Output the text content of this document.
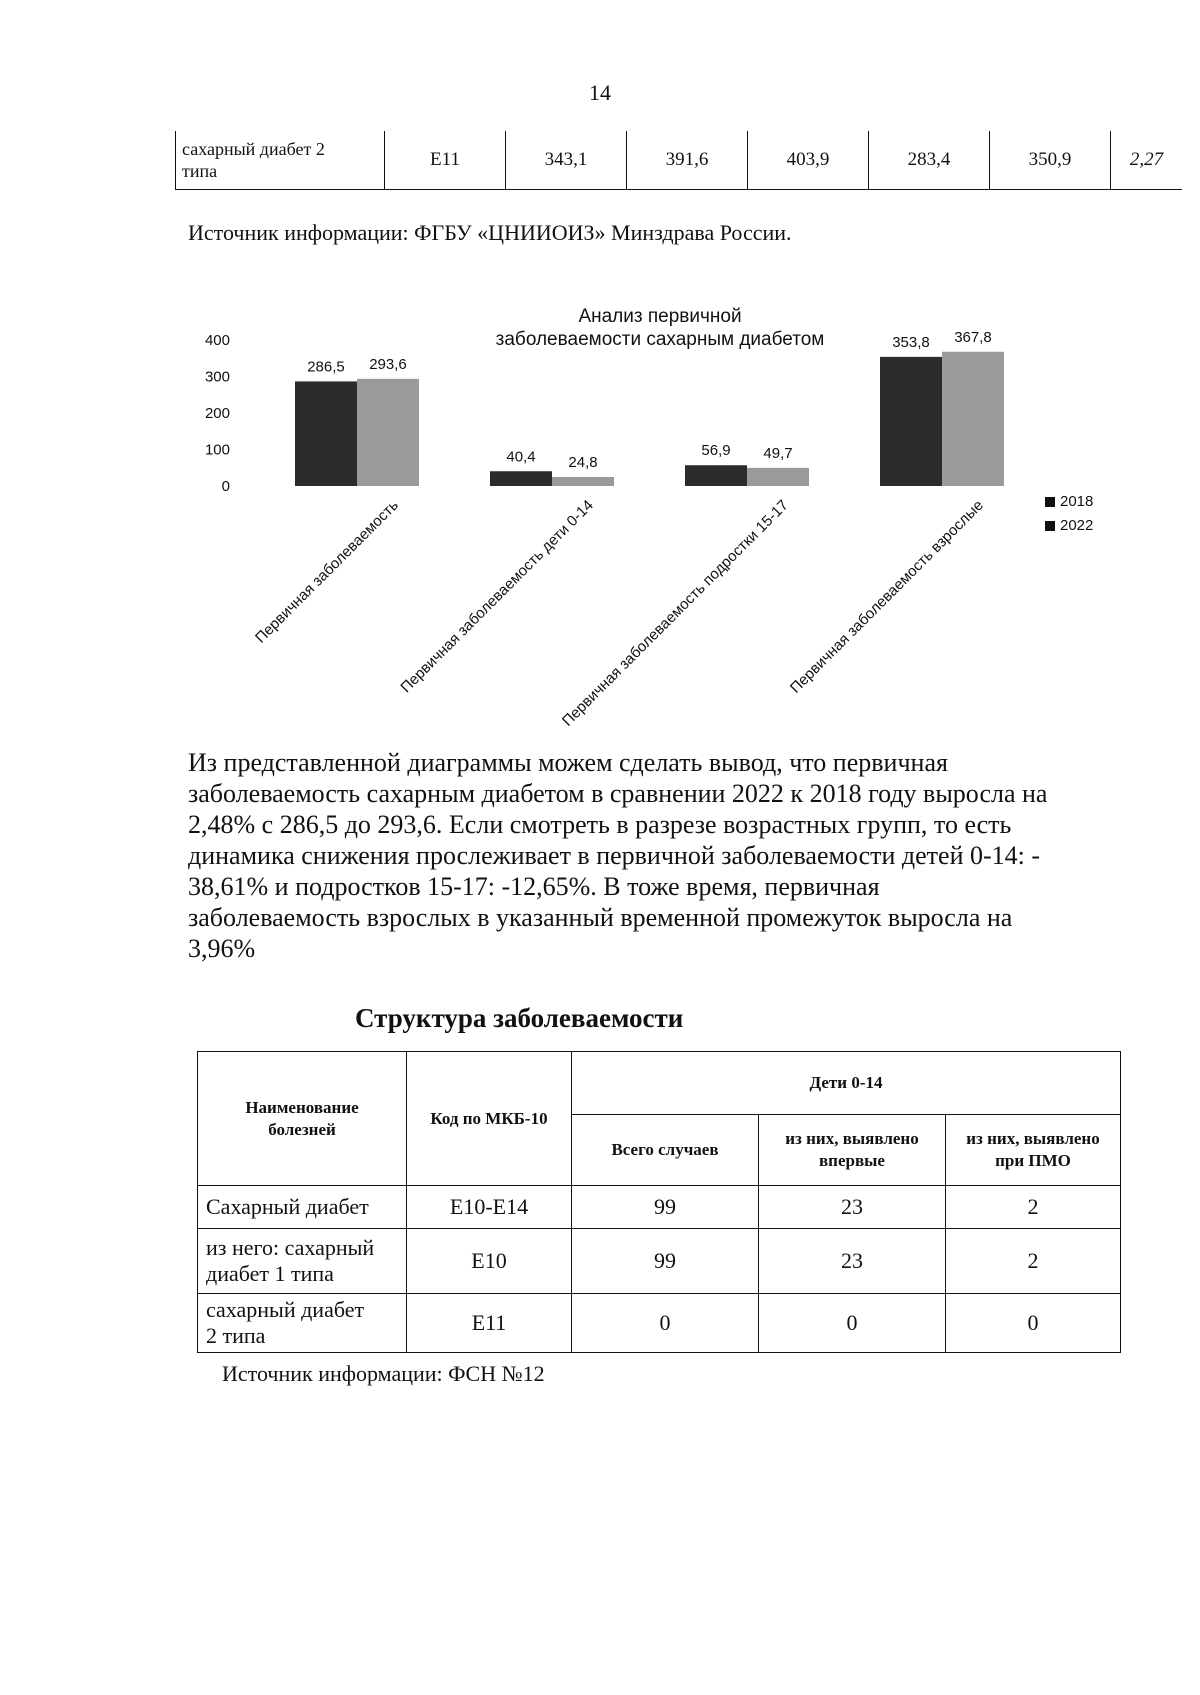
14
сахарный диабет 2
типа	E11	343,1	391,6	403,9	283,4	350,9	2,27
Источник информации: ФГБУ «ЦНИИОИЗ» Минздрава России.
400
300
200
100
0
286,5
40,4	56,9
353,8
293,6
24,8
49,7
367,8
Первичная заболеваемость
Первичная заболеваемость дети 0-14
Первичная заболеваемость подростки 15-17
Первичная заболеваемость взрослые
Анализ первичной
заболеваемости сахарным диабетом
2018
2022
Из представленной диаграммы можем сделать вывод, что первичная
заболеваемость сахарным диабетом в сравнении 2022 к 2018 году выросла на
2,48% с 286,5 до 293,6. Если смотреть в разрезе возрастных групп, то есть
динамика снижения прослеживает в первичной заболеваемости детей 0-14: -
38,61% и подростков 15-17: -12,65%. В тоже время, первичная
заболеваемость взрослых в указанный временной промежуток выросла на
3,96%
Структура заболеваемости
Наименование
болезней	Код по МКБ-10	Дети 0-14		
		Всего случаев	из них, выявлено
впервые	из них, выявлено
при ПМО
Сахарный диабет	E10-E14	99	23	2
из него: сахарный
диабет 1 типа	E10	99	23	2
сахарный диабет
2 типа	E11	0	0	0
Источник информации: ФСН №12
